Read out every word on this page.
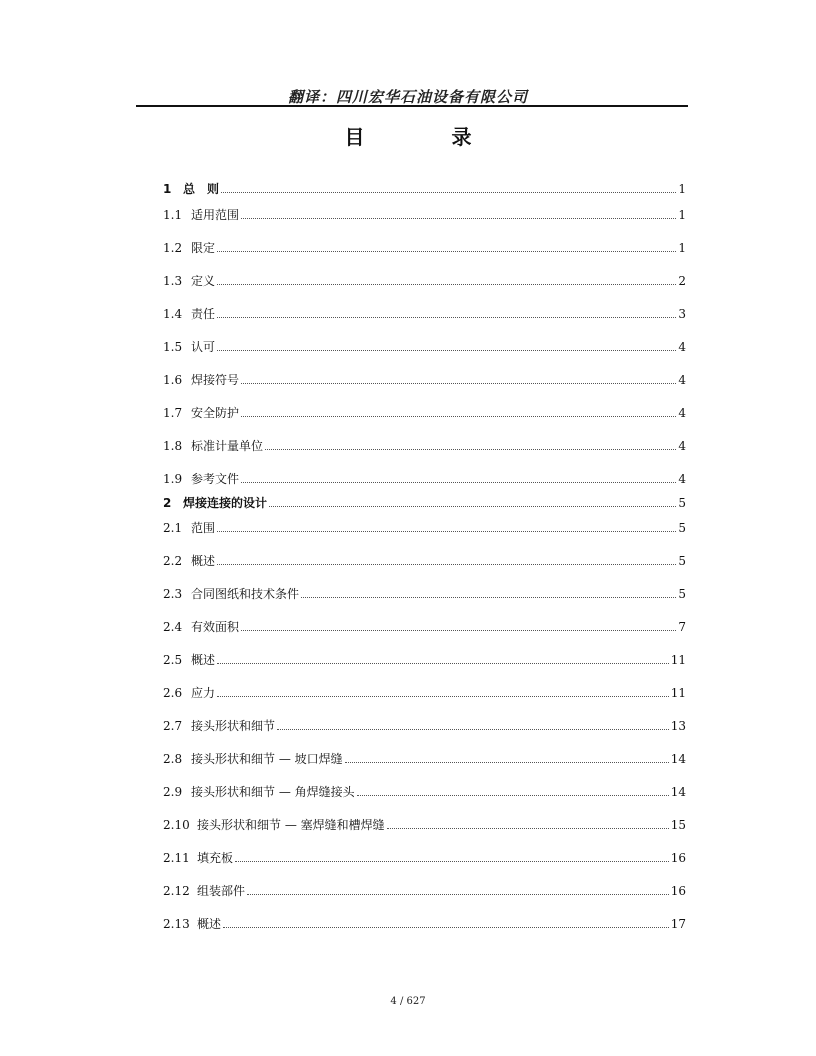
翻译：四川宏华石油设备有限公司
目 录
1 总　则	1
1.1 适用范围	1
1.2 限定	1
1.3 定义	2
1.4 责任	3
1.5 认可	4
1.6 焊接符号	4
1.7 安全防护	4
1.8 标准计量单位	4
1.9 参考文件	4
2 焊接连接的设计	5
2.1 范围	5
2.2 概述	5
2.3 合同图纸和技术条件	5
2.4 有效面积	7
2.5 概述	11
2.6 应力	11
2.7 接头形状和细节	13
2.8 接头形状和细节 — 坡口焊缝	14
2.9 接头形状和细节 — 角焊缝接头	14
2.10 接头形状和细节 — 塞焊缝和槽焊缝	15
2.11 填充板	16
2.12 组装部件	16
2.13 概述	17
4 / 627
